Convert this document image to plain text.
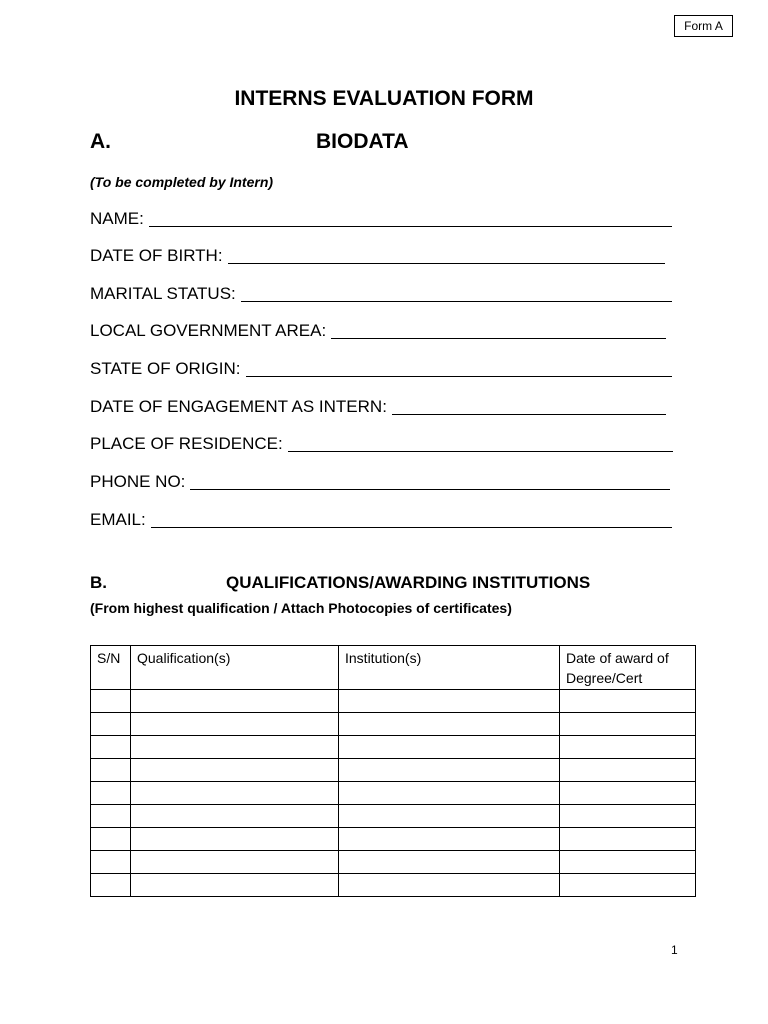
Form A
INTERNS EVALUATION FORM
A.	BIODATA
(To be completed by Intern)
NAME:
DATE OF BIRTH:
MARITAL STATUS:
LOCAL GOVERNMENT AREA:
STATE OF ORIGIN:
DATE OF ENGAGEMENT AS INTERN:
PLACE OF RESIDENCE:
PHONE NO:
EMAIL:
B.	QUALIFICATIONS/AWARDING INSTITUTIONS
(From highest qualification / Attach Photocopies of certificates)
S/N	Qualification(s)	Institution(s)	Date of award of Degree/Cert

1
